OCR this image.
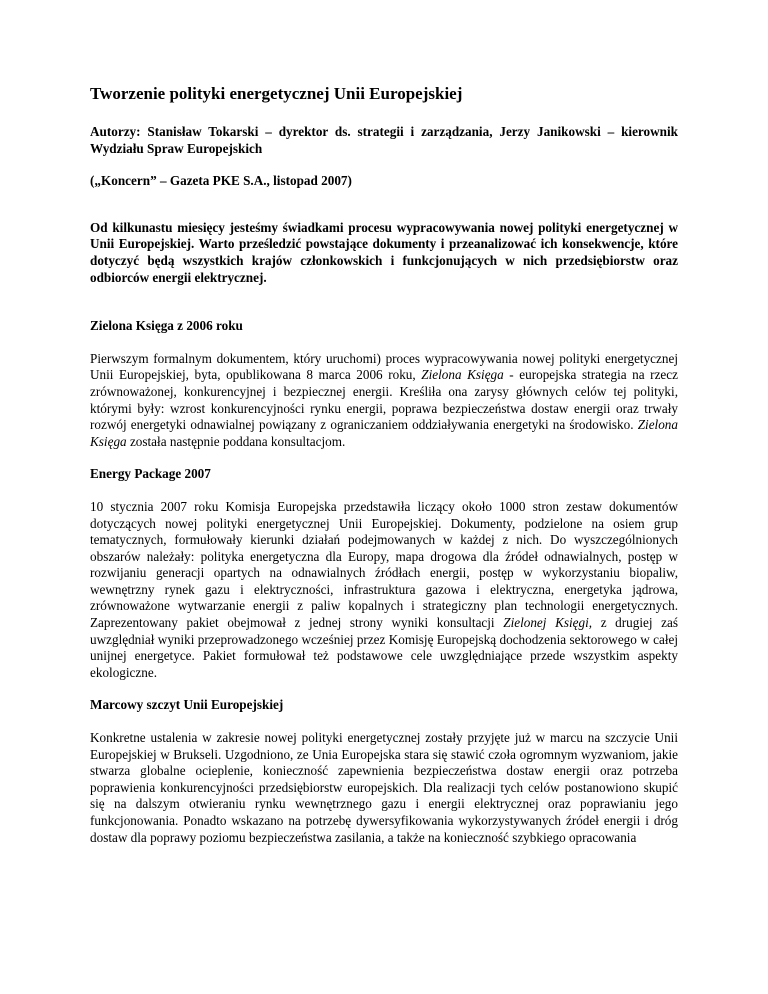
Tworzenie polityki energetycznej Unii Europejskiej

Autorzy: Stanisław Tokarski – dyrektor ds. strategii i zarządzania, Jerzy Janikowski – kierownik Wydziału Spraw Europejskich

(„Koncern” – Gazeta PKE S.A., listopad 2007)

Od kilkunastu miesięcy jesteśmy świadkami procesu wypracowywania nowej polityki energetycznej w Unii Europejskiej. Warto prześledzić powstające dokumenty i przeanalizować ich konsekwencje, które dotyczyć będą wszystkich krajów członkowskich i funkcjonujących w nich przedsiębiorstw oraz odbiorców energii elektrycznej.

Zielona Księga z 2006 roku

Pierwszym formalnym dokumentem, który uruchomi) proces wypracowywania nowej polityki energetycznej Unii Europejskiej, byta, opublikowana 8 marca 2006 roku, Zielona Księga - europejska strategia na rzecz zrównoważonej, konkurencyjnej i bezpiecznej energii. Kreśliła ona zarysy głównych celów tej polityki, którymi były: wzrost konkurencyjności rynku energii, poprawa bezpieczeństwa dostaw energii oraz trwały rozwój energetyki odnawialnej powiązany z ograniczaniem oddziaływania energetyki na środowisko. Zielona Księga została następnie poddana konsultacjom.

Energy Package 2007

10 stycznia 2007 roku Komisja Europejska przedstawiła liczący około 1000 stron zestaw dokumentów dotyczących nowej polityki energetycznej Unii Europejskiej. Dokumenty, podzielone na osiem grup tematycznych, formułowały kierunki działań podejmowanych w każdej z nich. Do wyszczególnionych obszarów należały: polityka energetyczna dla Europy, mapa drogowa dla źródeł odnawialnych, postęp w rozwijaniu generacji opartych na odnawialnych źródłach energii, postęp w wykorzystaniu biopaliw, wewnętrzny rynek gazu i elektryczności, infrastruktura gazowa i elektryczna, energetyka jądrowa, zrównoważone wytwarzanie energii z paliw kopalnych i strategiczny plan technologii energetycznych. Zaprezentowany pakiet obejmował z jednej strony wyniki konsultacji Zielonej Księgi, z drugiej zaś uwzględniał wyniki przeprowadzonego wcześniej przez Komisję Europejską dochodzenia sektorowego w całej unijnej energetyce. Pakiet formułował też podstawowe cele uwzględniające przede wszystkim aspekty ekologiczne.

Marcowy szczyt Unii Europejskiej

Konkretne ustalenia w zakresie nowej polityki energetycznej zostały przyjęte już w marcu na szczycie Unii Europejskiej w Brukseli. Uzgodniono, ze Unia Europejska stara się stawić czoła ogromnym wyzwaniom, jakie stwarza globalne ocieplenie, konieczność zapewnienia bezpieczeństwa dostaw energii oraz potrzeba poprawienia konkurencyjności przedsiębiorstw europejskich. Dla realizacji tych celów postanowiono skupić się na dalszym otwieraniu rynku wewnętrznego gazu i energii elektrycznej oraz poprawianiu jego funkcjonowania. Ponadto wskazano na potrzebę dywersyfikowania wykorzystywanych źródeł energii i dróg dostaw dla poprawy poziomu bezpieczeństwa zasilania, a także na konieczność szybkiego opracowania
